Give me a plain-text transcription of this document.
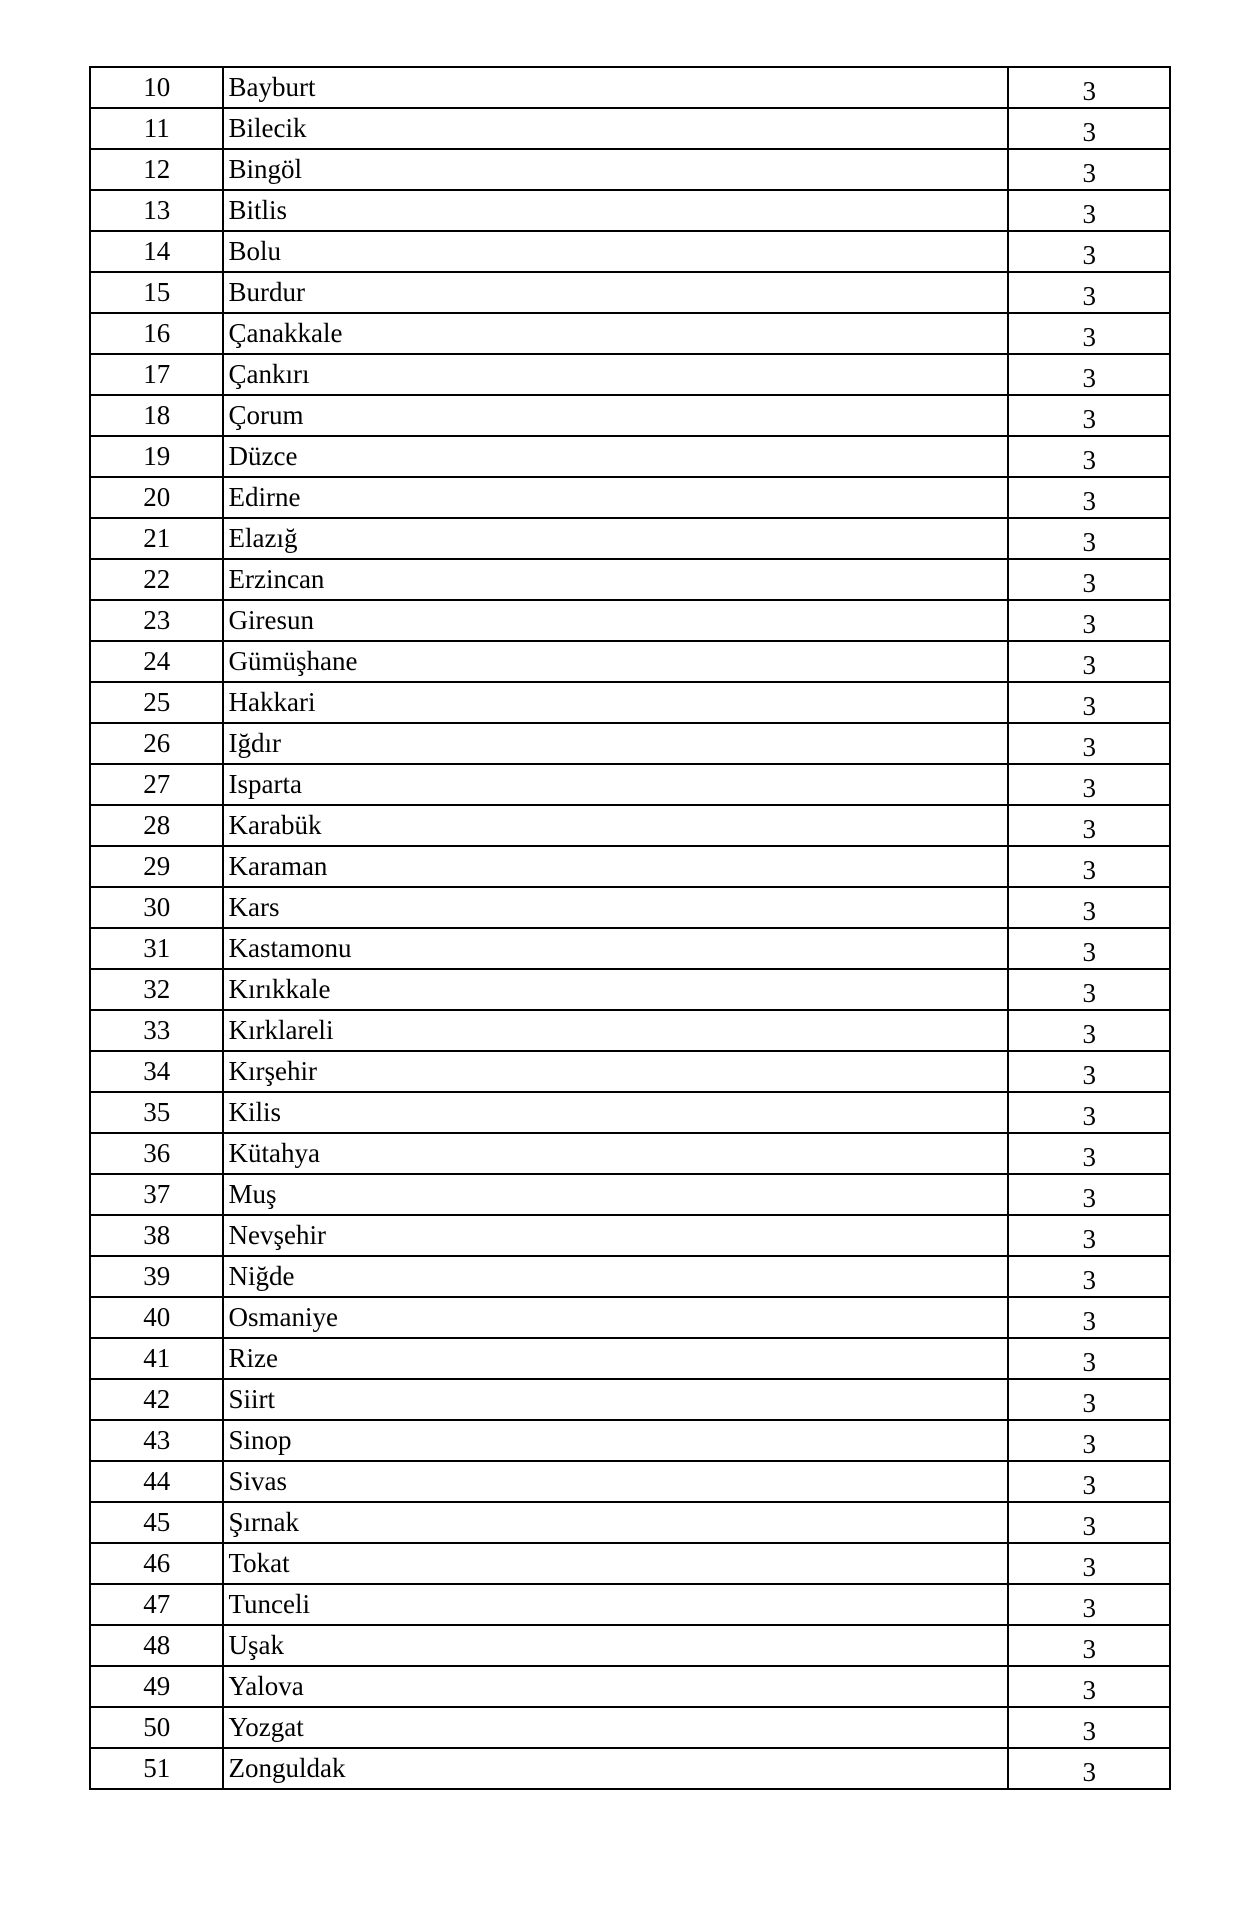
10	Bayburt	3
11	Bilecik	3
12	Bingöl	3
13	Bitlis	3
14	Bolu	3
15	Burdur	3
16	Çanakkale	3
17	Çankırı	3
18	Çorum	3
19	Düzce	3
20	Edirne	3
21	Elazığ	3
22	Erzincan	3
23	Giresun	3
24	Gümüşhane	3
25	Hakkari	3
26	Iğdır	3
27	Isparta	3
28	Karabük	3
29	Karaman	3
30	Kars	3
31	Kastamonu	3
32	Kırıkkale	3
33	Kırklareli	3
34	Kırşehir	3
35	Kilis	3
36	Kütahya	3
37	Muş	3
38	Nevşehir	3
39	Niğde	3
40	Osmaniye	3
41	Rize	3
42	Siirt	3
43	Sinop	3
44	Sivas	3
45	Şırnak	3
46	Tokat	3
47	Tunceli	3
48	Uşak	3
49	Yalova	3
50	Yozgat	3
51	Zonguldak	3
